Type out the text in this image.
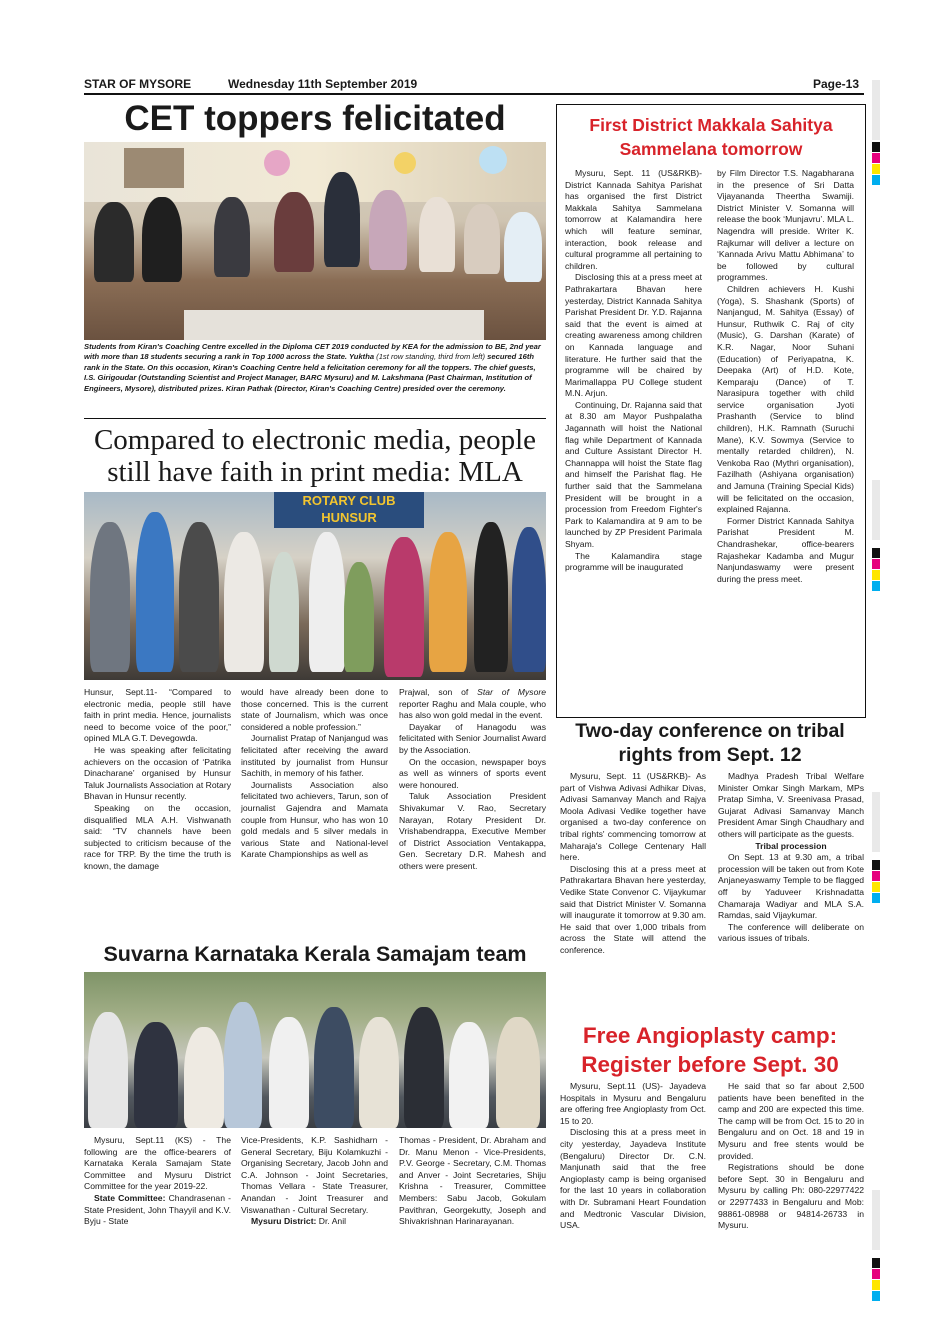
STAR OF MYSORE	Wednesday 11th September 2019	Page-13
CET toppers felicitated
Students from Kiran's Coaching Centre excelled in the Diploma CET 2019 conducted by KEA for the admission to BE, 2nd year with more than 18 students securing a rank in Top 1000 across the State. Yuktha (1st row standing, third from left) secured 16th rank in the State. On this occasion, Kiran's Coaching Centre held a felicitation ceremony for all the toppers. The chief guests, I.S. Girigoudar (Outstanding Scientist and Project Manager, BARC Mysuru) and M. Lakshmana (Past Chairman, Institution of Engineers, Mysore), distributed prizes. Kiran Pathak (Director, Kiran's Coaching Centre) presided over the ceremony.
Compared to electronic media, people
still have faith in print media: MLA
ROTARY CLUB
HUNSUR

Hunsur, Sept.11- “Compared to electronic media, people still have faith in print media. Hence, journalists need to become voice of the poor,” opined MLA G.T. Devegowda.

He was speaking after felicitating achievers on the occasion of ‘Patrika Dinacharane’ organised by Hunsur Taluk Journalists Association at Rotary Bhavan in Hunsur recently.

Speaking on the occasion, disqualified MLA A.H. Vishwanath said: “TV channels have been subjected to criticism because of the race for TRP. By the time the truth is known, the damage

would have already been done to those concerned. This is the current state of Journalism, which was once considered a noble profession.”

Journalist Pratap of Nanjangud was felicitated after receiving the award instituted by journalist from Hunsur Sachith, in memory of his father.

Journalists Association also felicitated two achievers, Tarun, son of journalist Gajendra and Mamata couple from Hunsur, who has won 10 gold medals and 5 silver medals in various State and National-level Karate Championships as well as

Prajwal, son of Star of Mysore reporter Raghu and Mala couple, who has also won gold medal in the event.

Dayakar of Hanagodu was felicitated with Senior Journalist Award by the Association.

On the occasion, newspaper boys as well as winners of sports event were honoured.

Taluk Association President Shivakumar V. Rao, Secretary Narayan, Rotary President Dr. Vrishabendrappa, Executive Member of District Association Ventakappa, Gen. Secretary D.R. Mahesh and others were present.

Suvarna Karnataka Kerala Samajam team

Mysuru, Sept.11 (KS) - The following are the office-bearers of Karnataka Kerala Samajam State Committee and Mysuru District Committee for the year 2019-22.

State Committee: Chandrasenan - State President, John Thayyil and K.V. Byju - State

Vice-Presidents, K.P. Sashidharn - General Secretary, Biju Kolamkuzhi - Organising Secretary, Jacob John and C.A. Johnson - Joint Secretaries, Thomas Vellara - State Treasurer, Anandan - Joint Treasurer and Viswanathan - Cultural Secretary.

Mysuru District: Dr. Anil

Thomas - President, Dr. Abraham and Dr. Manu Menon - Vice-Presidents, P.V. George - Secretary, C.M. Thomas and Anver - Joint Secretaries, Shiju Krishna - Treasurer, Committee Members: Sabu Jacob, Gokulam Pavithran, Georgekutty, Joseph and Shivakrishnan Harinarayanan.

First District Makkala Sahitya Sammelana tomorrow

Mysuru, Sept. 11 (US&RKB)- District Kannada Sahitya Parishat has organised the first District Makkala Sahitya Sammelana tomorrow at Kalamandira here which will feature seminar, interaction, book release and cultural programme all pertaining to children.

Disclosing this at a press meet at Pathrakartara Bhavan here yesterday, District Kannada Sahitya Parishat President Dr. Y.D. Rajanna said that the event is aimed at creating awareness among children on Kannada language and literature. He further said that the programme will be chaired by Marimallappa PU College student M.N. Arjun.

Continuing, Dr. Rajanna said that at 8.30 am Mayor Pushpalatha Jagannath will hoist the National flag while Department of Kannada and Culture Assistant Director H. Channappa will hoist the State flag and himself the Parishat flag. He further said that the Sammelana President will be brought in a procession from Freedom Fighter's Park to Kalamandira at 9 am to be launched by ZP President Parimala Shyam.

The Kalamandira stage programme will be inaugurated

by Film Director T.S. Nagabharana in the presence of Sri Datta Vijayananda Theertha Swamiji. District Minister V. Somanna will release the book ‘Munjavru’. MLA L. Nagendra will preside. Writer K. Rajkumar will deliver a lecture on ‘Kannada Arivu Mattu Abhimana’ to be followed by cultural programmes.

Children achievers H. Kushi (Yoga), S. Shashank (Sports) of Nanjangud, M. Sahitya (Essay) of Hunsur, Ruthwik C. Raj of city (Music), G. Darshan (Karate) of K.R. Nagar, Noor Suhani (Education) of Periyapatna, K. Deepaka (Art) of H.D. Kote, Kemparaju (Dance) of T. Narasipura together with child service organisation Jyoti Prashanth (Service to blind children), H.K. Ramnath (Suruchi Mane), K.V. Sowmya (Service to mentally retarded children), N. Venkoba Rao (Mythri organisation), Fazilhath (Ashiyana organisation) and Jamuna (Training Special Kids) will be felicitated on the occasion, explained Rajanna.

Former District Kannada Sahitya Parishat President M. Chandrashekar, office-bearers Rajashekar Kadamba and Mugur Nanjundaswamy were present during the press meet.

Two-day conference on tribal
rights from Sept. 12

Mysuru, Sept. 11 (US&RKB)- As part of Vishwa Adivasi Adhikar Divas, Adivasi Samanvay Manch and Rajya Moola Adivasi Vedike together have organised a two-day conference on tribal rights' commencing tomorrow at Maharaja's College Centenary Hall here.

Disclosing this at a press meet at Pathrakartara Bhavan here yesterday, Vedike State Convenor C. Vijaykumar said that District Minister V. Somanna will inaugurate it tomorrow at 9.30 am. He said that over 1,000 tribals from across the State will attend the conference.

Madhya Pradesh Tribal Welfare Minister Omkar Singh Markam, MPs Pratap Simha, V. Sreenivasa Prasad, Gujarat Adivasi Samanvay Manch President Amar Singh Chaudhary and others will participate as the guests.

Tribal procession

On Sept. 13 at 9.30 am, a tribal procession will be taken out from Kote Anjaneyaswamy Temple to be flagged off by Yaduveer Krishnadatta Chamaraja Wadiyar and MLA S.A. Ramdas, said Vijaykumar.

The conference will deliberate on various issues of tribals.

Free Angioplasty camp:
Register before Sept. 30

Mysuru, Sept.11 (US)- Jayadeva Hospitals in Mysuru and Bengaluru are offering free Angioplasty from Oct. 15 to 20.

Disclosing this at a press meet in city yesterday, Jayadeva Institute (Bengaluru) Director Dr. C.N. Manjunath said that the free Angioplasty camp is being organised for the last 10 years in collaboration with Dr. Subramani Heart Foundation and Medtronic Vascular Division, USA.

He said that so far about 2,500 patients have been benefited in the camp and 200 are expected this time. The camp will be from Oct. 15 to 20 in Bengaluru and on Oct. 18 and 19 in Mysuru and free stents would be provided.

Registrations should be done before Sept. 30 in Bengaluru and Mysuru by calling Ph: 080-22977422 or 22977433 in Bengaluru and Mob: 98861-08988 or 94814-26733 in Mysuru.
